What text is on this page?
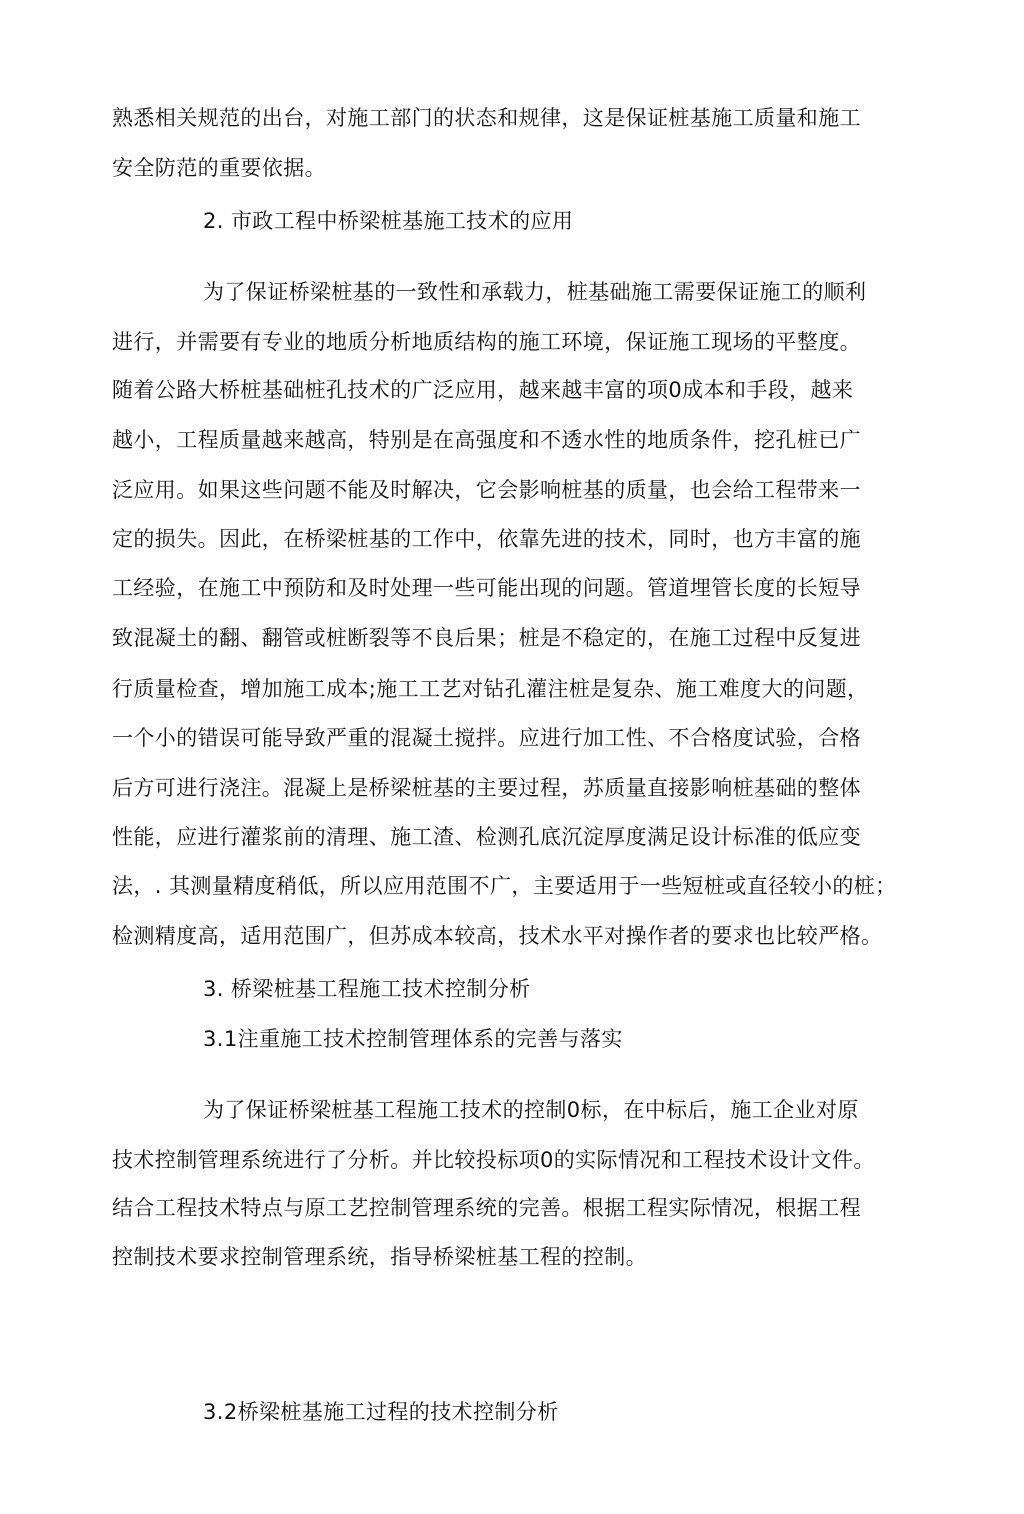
熟悉相关规范的出台，对施工部门的状态和规律，这是保证桩基施工质量和施工
安全防范的重要依据。
2. 市政工程中桥梁桩基施工技术的应用
为了保证桥梁桩基的一致性和承载力，桩基础施工需要保证施工的顺利
进行，并需要有专业的地质分析地质结构的施工环境，保证施工现场的平整度。
随着公路大桥桩基础桩孔技术的广泛应用，越来越丰富的项0成本和手段，越来
越小，工程质量越来越高，特别是在高强度和不透水性的地质条件，挖孔桩已广
泛应用。如果这些问题不能及时解决，它会影响桩基的质量，也会给工程带来一
定的损失。因此，在桥梁桩基的工作中，依靠先进的技术，同时，也方丰富的施
工经验，在施工中预防和及时处理一些可能出现的问题。管道埋管长度的长短导
致混凝土的翻、翻管或桩断裂等不良后果；桩是不稳定的，在施工过程中反复进
行质量检查，增加施工成本;施工工艺对钻孔灌注桩是复杂、施工难度大的问题，
一个小的错误可能导致严重的混凝土搅拌。应进行加工性、不合格度试验，合格
后方可进行浇注。混凝上是桥梁桩基的主要过程，苏质量直接影响桩基础的整体
性能，应进行灌浆前的清理、施工渣、检测孔底沉淀厚度满足设计标准的低应变
法，. 其测量精度稍低，所以应用范围不广，主要适用于一些短桩或直径较小的桩；
检测精度高，适用范围广，但苏成本较高，技术水平对操作者的要求也比较严格。
3. 桥梁桩基工程施工技术控制分析
3.1注重施工技术控制管理体系的完善与落实
为了保证桥梁桩基工程施工技术的控制0标，在中标后，施工企业对原
技术控制管理系统进行了分析。并比较投标项0的实际情况和工程技术设计文件。
结合工程技术特点与原工艺控制管理系统的完善。根据工程实际情况，根据工程
控制技术要求控制管理系统，指导桥梁桩基工程的控制。
3.2桥梁桩基施工过程的技术控制分析
